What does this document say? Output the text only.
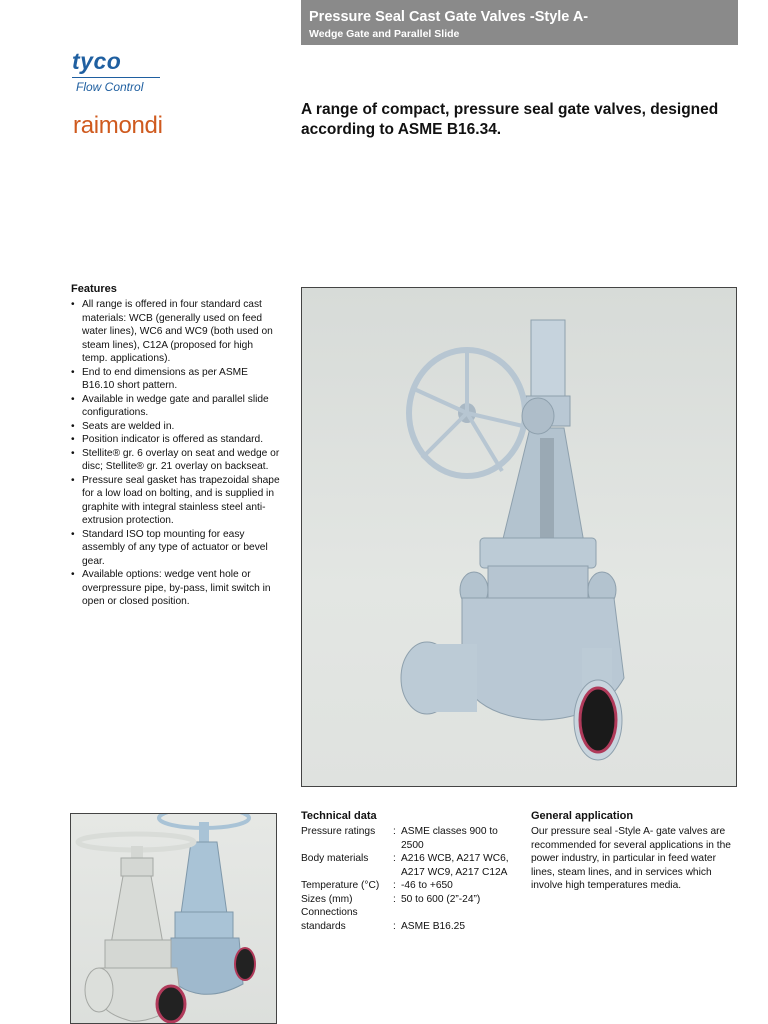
Pressure Seal Cast Gate Valves -Style A-
Wedge Gate and Parallel Slide
tyco
Flow Control
raimondi
A range of compact, pressure seal gate valves, designed according to ASME B16.34.
Features
• All range is offered in four standard cast materials: WCB (generally used on feed water lines), WC6 and WC9 (both used on steam lines), C12A (proposed for high temp. applications).
• End to end dimensions as per ASME B16.10 short pattern.
• Available in wedge gate and parallel slide configurations.
• Seats are welded in.
• Position indicator is offered as standard.
• Stellite® gr. 6 overlay on seat and wedge or disc; Stellite® gr. 21 overlay on backseat.
• Pressure seal gasket has trapezoidal shape for a low load on bolting, and is supplied in graphite with integral stainless steel anti-extrusion protection.
• Standard ISO top mounting for easy assembly of any type of actuator or bevel gear.
• Available options: wedge vent hole or overpressure pipe, by-pass, limit switch in open or closed position.
Technical data
Pressure ratings	: ASME classes 900 to 2500
Body materials	: A216 WCB, A217 WC6, A217 WC9, A217 C12A
Temperature (°C)	: -46 to +650
Sizes (mm)	: 50 to 600 (2”-24”)
Connections
standards	: ASME B16.25
General application
Our pressure seal -Style A- gate valves are recommended for several applications in the power industry, in particular in feed water lines, steam lines, and in services which involve high temperatures media.
